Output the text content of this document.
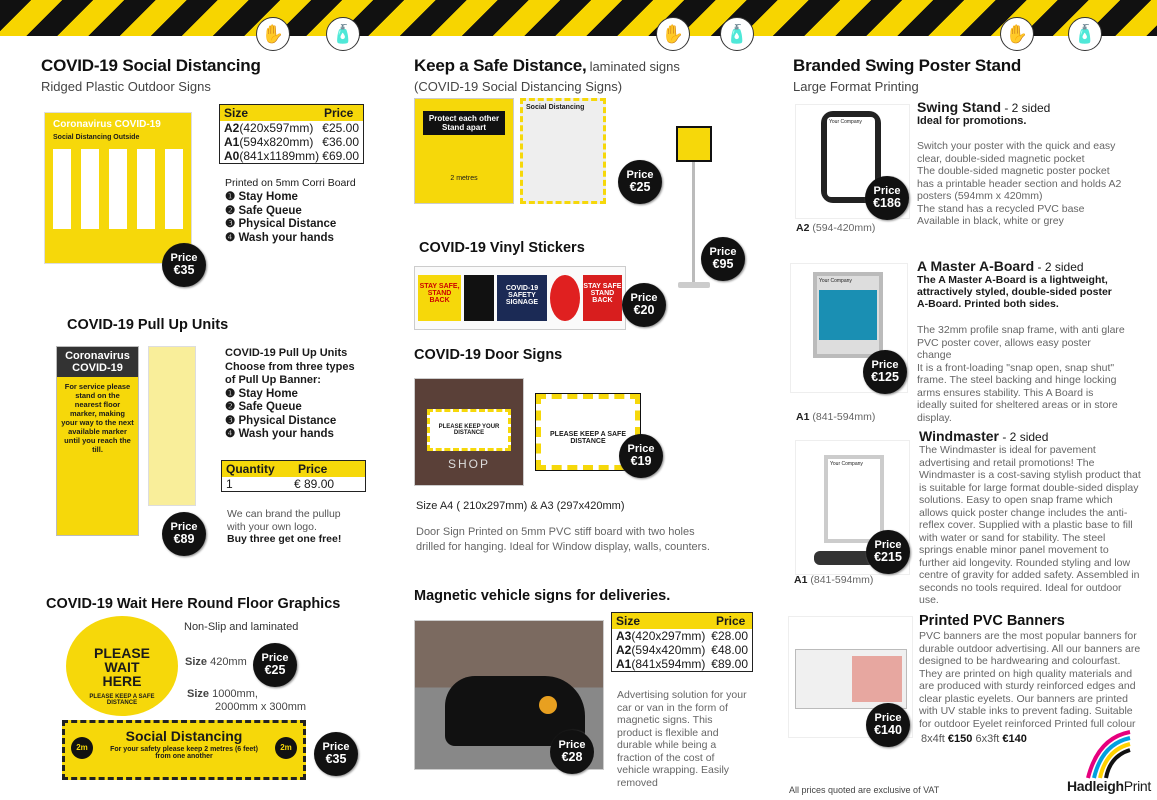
✋	🧴	✋	🧴	✋	🧴
COVID-19 Social Distancing
Ridged Plastic Outdoor Signs
Coronavirus COVID-19
Social Distancing Outside
Price
€35
Size	Price
A2(420x597mm) €25.00
A1(594x820mm) €36.00
A0(841x1189mm) €69.00
Printed on 5mm Corri Board
❶ Stay Home
❷ Safe Queue
❸ Physical Distance
❹ Wash your hands
COVID-19 Pull Up Units
Coronavirus COVID-19
For service please stand on the nearest floor marker, making your way to the next available marker until you reach the till.
Price
€89
COVID-19 Pull Up Units
Choose from three types of Pull Up Banner:
❶ Stay Home
❷ Safe Queue
❸ Physical Distance
❹ Wash your hands
Quantity	Price
1	€ 89.00
We can brand the pullup with your own logo.
Buy three get one free!
COVID-19 Wait Here Round Floor Graphics
Non-Slip and laminated
PLEASE WAIT HERE
PLEASE KEEP A SAFE DISTANCE
Size 420mm	Price
€25
Size 1000mm,
2000mm x 300mm
2m	2m
Social Distancing
For your safety please keep 2 metres (6 feet) from one another
Price
€35
Keep a Safe Distance, laminated signs
(COVID-19 Social Distancing Signs)
Protect each other Stand apart
2 metres
Social Distancing
Price
€25
Price
€95
COVID-19 Vinyl Stickers
STAY SAFE, STAND BACK
COVID-19 SAFETY SIGNAGE
STAY SAFE STAND BACK	Price
€20
COVID-19 Door Signs
PLEASE KEEP YOUR DISTANCE
SHOP
PLEASE KEEP A SAFE DISTANCE
Price
€19
Size A4 ( 210x297mm) & A3 (297x420mm)
Door Sign Printed on 5mm PVC stiff board with two holes drilled for hanging. Ideal for Window display, walls, counters.
Magnetic vehicle signs for deliveries.
Size	Price
A3(420x297mm) €28.00
A2(594x420mm) €48.00
A1(841x594mm) €89.00
Advertising solution for your car or van in the form of magnetic signs. This product is flexible and durable while being a fraction of the cost of vehicle wrapping. Easily removed
Price
€28
Branded Swing Poster Stand
Large Format Printing
Your Company
Price
€186
A2 (594-420mm)
Swing Stand - 2 sided
Ideal for promotions.
Switch your poster with the quick and easy clear, double-sided magnetic pocket
The double-sided magnetic poster pocket has a printable header section and holds A2 posters (594mm x 420mm)
The stand has a recycled PVC base
Available in black, white or grey
Your Company
Price
€125
A1 (841-594mm)
A Master A-Board - 2 sided
The A Master A-Board is a lightweight, attractively styled, double-sided poster A-Board. Printed both sides.
The 32mm profile snap frame, with anti glare PVC poster cover, allows easy poster change
It is a front-loading "snap open, snap shut" frame. The steel backing and hinge locking arms ensures stability. This A Board is ideally suited for sheltered areas or in store display.
Your Company
Price
€215
A1 (841-594mm)
Windmaster - 2 sided
The Windmaster is ideal for pavement advertising and retail promotions! The Windmaster is a cost-saving stylish product that is suitable for large format double-sided display solutions. Easy to open snap frame which allows quick poster change includes the anti-reflex cover. Supplied with a plastic base to fill with water or sand for stability. The steel springs enable minor panel movement to further aid longevity. Rounded styling and low centre of gravity for added safety. Assembled in seconds no tools required. Ideal for outdoor use.
Price
€140
Printed PVC Banners
PVC banners are the most popular banners for durable outdoor advertising. All our banners are designed to be hardwearing and colourfast. They are printed on high quality materials and are produced with sturdy reinforced edges and clear plastic eyelets. Our banners are printed with UV stable inks to prevent fading. Suitable for outdoor Eyelet reinforced Printed full colour
8x4ft €150 6x3ft €140
All prices quoted are exclusive of VAT	HadleighPrint
